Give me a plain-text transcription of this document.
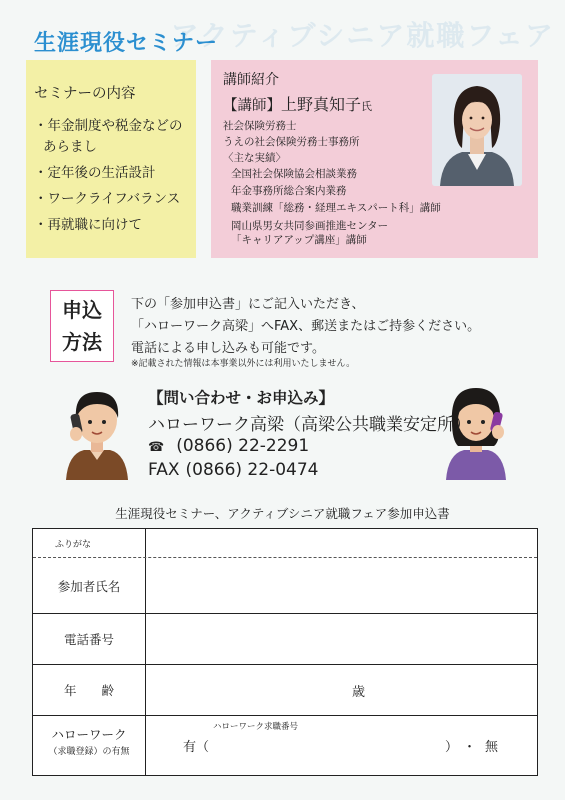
アクティブシニア就職フェア
生涯現役セミナー
セミナーの内容
・年金制度や税金などの
あらまし
・定年後の生活設計
・ワークライフバランス
・再就職に向けて
講師紹介
【講師】上野真知子氏
社会保険労務士
うえの社会保険労務士事務所
〈主な実績〉
全国社会保険協会相談業務
年金事務所総合案内業務
職業訓練「総務・経理エキスパート科」講師
岡山県男女共同参画推進センター
「キャリアアップ講座」講師
申込
方法
下の「参加申込書」にご記入いただき、
「ハローワーク高梁」へFAX、郵送またはご持参ください。
電話による申し込みも可能です。
※記載された情報は本事業以外には利用いたしません。
【問い合わせ・お申込み】
ハローワーク高梁（高梁公共職業安定所）
☎ (0866) 22-2291
FAX (0866) 22-0474
生涯現役セミナー、アクティブシニア就職フェア参加申込書
ふりがな
参加者氏名
電話番号
年　　齢	歳
ハローワーク
（求職登録）の有無
ハローワーク求職番号
有（	） ・ 無
